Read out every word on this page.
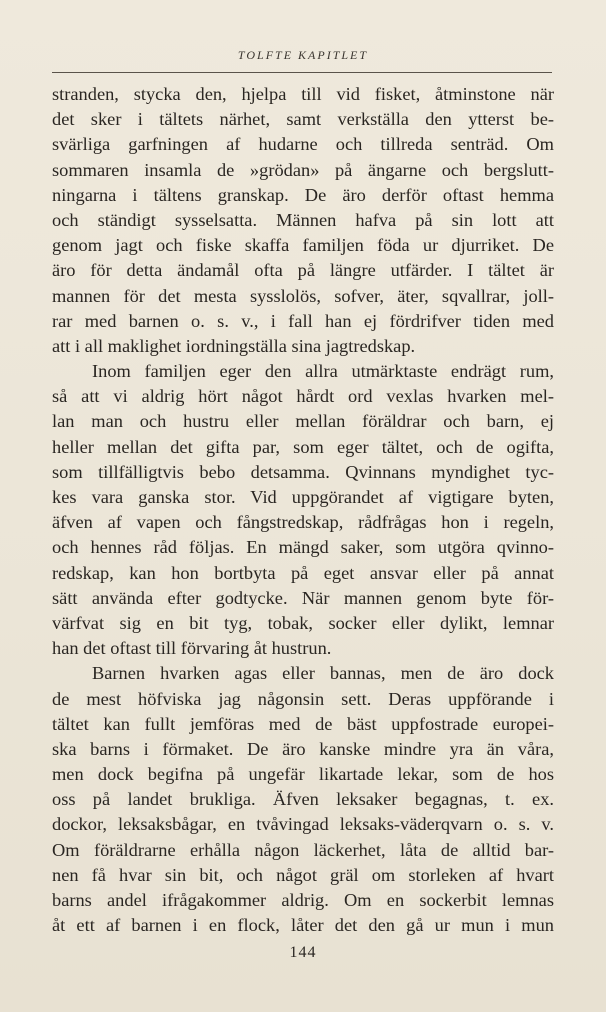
TOLFTE KAPITLET
stranden, stycka den, hjelpa till vid fisket, åtminstone när
det sker i tältets närhet, samt verkställa den ytterst be-
svärliga garfningen af hudarne och tillreda senträd. Om
sommaren insamla de »grödan» på ängarne och bergslutt-
ningarna i tältens granskap. De äro derför oftast hemma
och ständigt sysselsatta. Männen hafva på sin lott att
genom jagt och fiske skaffa familjen föda ur djurriket. De
äro för detta ändamål ofta på längre utfärder. I tältet är
mannen för det mesta sysslolös, sofver, äter, sqvallrar, joll-
rar med barnen o. s. v., i fall han ej fördrifver tiden med
att i all maklighet iordningställa sina jagtredskap.
Inom familjen eger den allra utmärktaste endrägt rum,
så att vi aldrig hört något hårdt ord vexlas hvarken mel-
lan man och hustru eller mellan föräldrar och barn, ej
heller mellan det gifta par, som eger tältet, och de ogifta,
som tillfälligtvis bebo detsamma. Qvinnans myndighet tyc-
kes vara ganska stor. Vid uppgörandet af vigtigare byten,
äfven af vapen och fångstredskap, rådfrågas hon i regeln,
och hennes råd följas. En mängd saker, som utgöra qvinno-
redskap, kan hon bortbyta på eget ansvar eller på annat
sätt använda efter godtycke. När mannen genom byte för-
värfvat sig en bit tyg, tobak, socker eller dylikt, lemnar
han det oftast till förvaring åt hustrun.
Barnen hvarken agas eller bannas, men de äro dock
de mest höfviska jag någonsin sett. Deras uppförande i
tältet kan fullt jemföras med de bäst uppfostrade europei-
ska barns i förmaket. De äro kanske mindre yra än våra,
men dock begifna på ungefär likartade lekar, som de hos
oss på landet brukliga. Äfven leksaker begagnas, t. ex.
dockor, leksaksbågar, en tvåvingad leksaks-väderqvarn o. s. v.
Om föräldrarne erhålla någon läckerhet, låta de alltid bar-
nen få hvar sin bit, och något gräl om storleken af hvart
barns andel ifrågakommer aldrig. Om en sockerbit lemnas
åt ett af barnen i en flock, låter det den gå ur mun i mun
144
